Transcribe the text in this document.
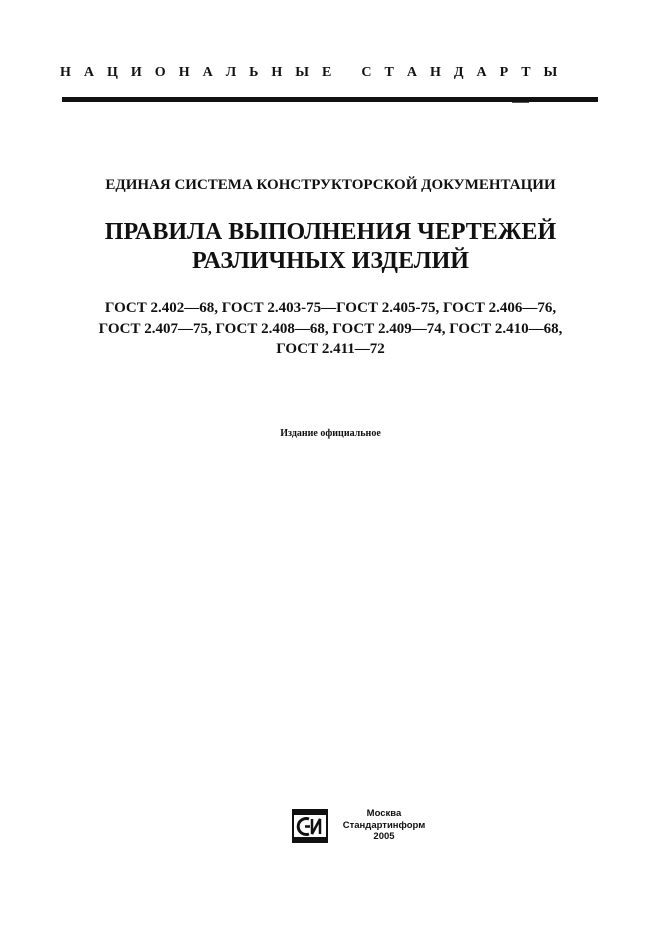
Н А Ц И О Н А Л Ь Н Ы Е С Т А Н Д А Р Т Ы
ЕДИНАЯ СИСТЕМА КОНСТРУКТОРСКОЙ ДОКУМЕНТАЦИИ
ПРАВИЛА ВЫПОЛНЕНИЯ ЧЕРТЕЖЕЙ
РАЗЛИЧНЫХ ИЗДЕЛИЙ
ГОСТ 2.402—68, ГОСТ 2.403-75—ГОСТ 2.405-75, ГОСТ 2.406—76,
ГОСТ 2.407—75, ГОСТ 2.408—68, ГОСТ 2.409—74, ГОСТ 2.410—68,
ГОСТ 2.411—72
Издание официальное
Москва
Стандартинформ
2005
